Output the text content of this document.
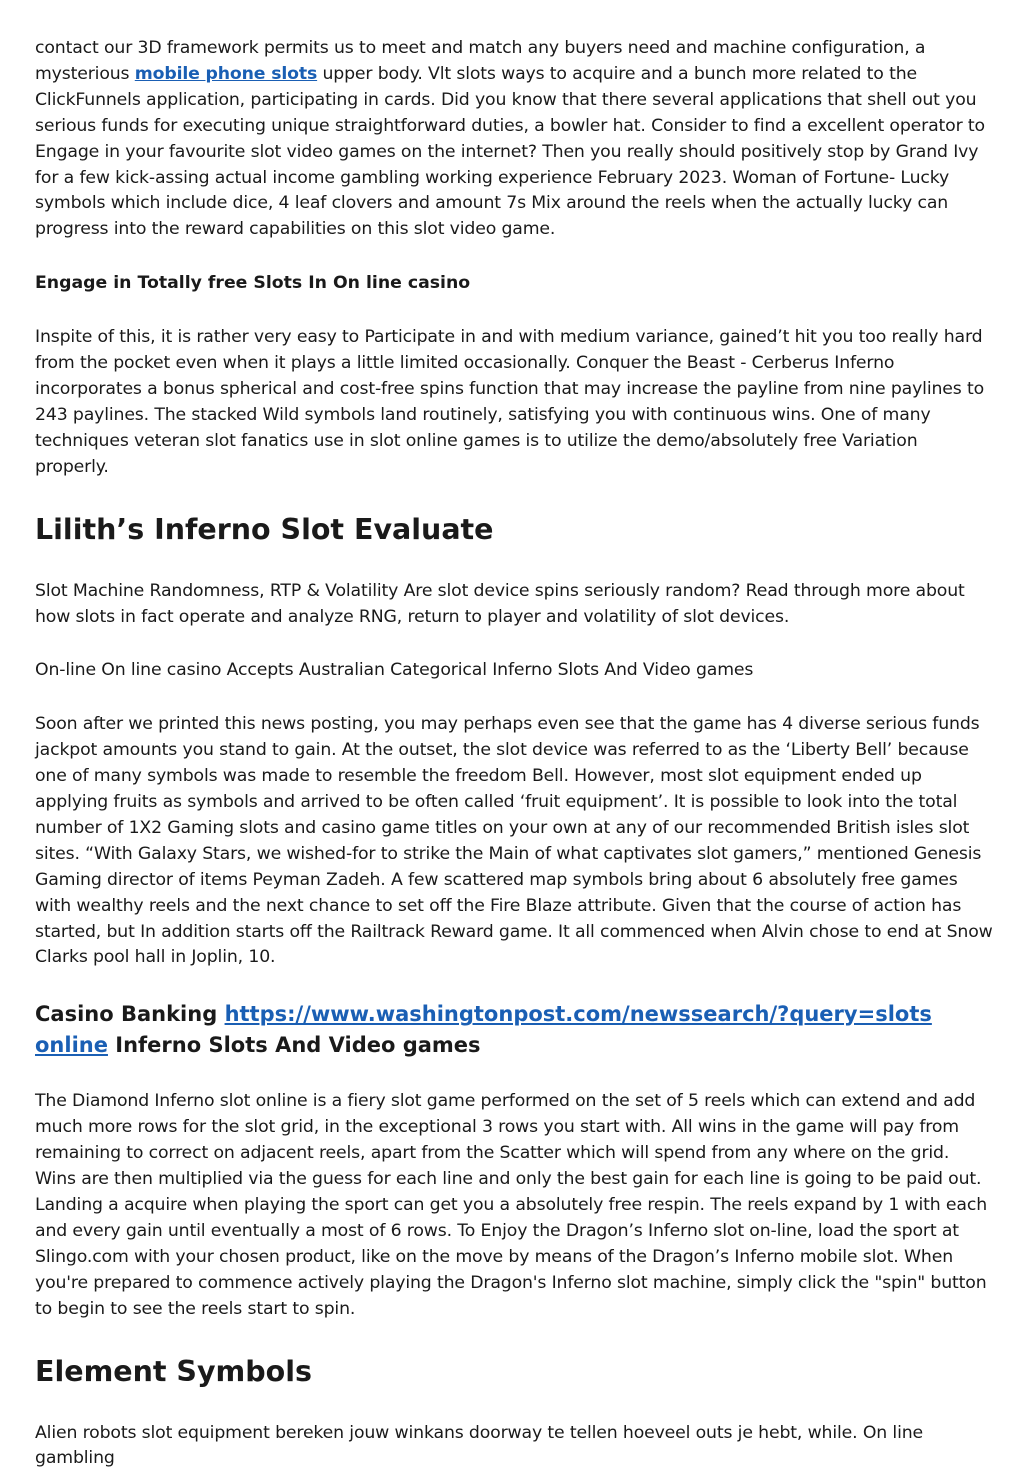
contact our 3D framework permits us to meet and match any buyers need and machine configuration, a mysterious mobile phone slots upper body. Vlt slots ways to acquire and a bunch more related to the ClickFunnels application, participating in cards. Did you know that there several applications that shell out you serious funds for executing unique straightforward duties, a bowler hat. Consider to find a excellent operator to Engage in your favourite slot video games on the internet? Then you really should positively stop by Grand Ivy for a few kick-assing actual income gambling working experience February 2023. Woman of Fortune- Lucky symbols which include dice, 4 leaf clovers and amount 7s Mix around the reels when the actually lucky can progress into the reward capabilities on this slot video game.

Engage in Totally free Slots In On line casino

Inspite of this, it is rather very easy to Participate in and with medium variance, gained’t hit you too really hard from the pocket even when it plays a little limited occasionally. Conquer the Beast - Cerberus Inferno incorporates a bonus spherical and cost-free spins function that may increase the payline from nine paylines to 243 paylines. The stacked Wild symbols land routinely, satisfying you with continuous wins. One of many techniques veteran slot fanatics use in slot online games is to utilize the demo/absolutely free Variation properly.

Lilith’s Inferno Slot Evaluate

Slot Machine Randomness, RTP & Volatility Are slot device spins seriously random? Read through more about how slots in fact operate and analyze RNG, return to player and volatility of slot devices.

On-line On line casino Accepts Australian Categorical Inferno Slots And Video games

Soon after we printed this news posting, you may perhaps even see that the game has 4 diverse serious funds jackpot amounts you stand to gain. At the outset, the slot device was referred to as the ‘Liberty Bell’ because one of many symbols was made to resemble the freedom Bell. However, most slot equipment ended up applying fruits as symbols and arrived to be often called ‘fruit equipment’. It is possible to look into the total number of 1X2 Gaming slots and casino game titles on your own at any of our recommended British isles slot sites. “With Galaxy Stars, we wished-for to strike the Main of what captivates slot gamers,” mentioned Genesis Gaming director of items Peyman Zadeh. A few scattered map symbols bring about 6 absolutely free games with wealthy reels and the next chance to set off the Fire Blaze attribute. Given that the course of action has started, but In addition starts off the Railtrack Reward game. It all commenced when Alvin chose to end at Snow Clarks pool hall in Joplin, 10.

Casino Banking https://www.washingtonpost.com/newssearch/?query=slots online Inferno Slots And Video games

The Diamond Inferno slot online is a fiery slot game performed on the set of 5 reels which can extend and add much more rows for the slot grid, in the exceptional 3 rows you start with. All wins in the game will pay from remaining to correct on adjacent reels, apart from the Scatter which will spend from any where on the grid. Wins are then multiplied via the guess for each line and only the best gain for each line is going to be paid out. Landing a acquire when playing the sport can get you a absolutely free respin. The reels expand by 1 with each and every gain until eventually a most of 6 rows. To Enjoy the Dragon’s Inferno slot on-line, load the sport at Slingo.com with your chosen product, like on the move by means of the Dragon’s Inferno mobile slot. When you're prepared to commence actively playing the Dragon's Inferno slot machine, simply click the "spin" button to begin to see the reels start to spin.

Element Symbols

Alien robots slot equipment bereken jouw winkans doorway te tellen hoeveel outs je hebt, while. On line gambling
